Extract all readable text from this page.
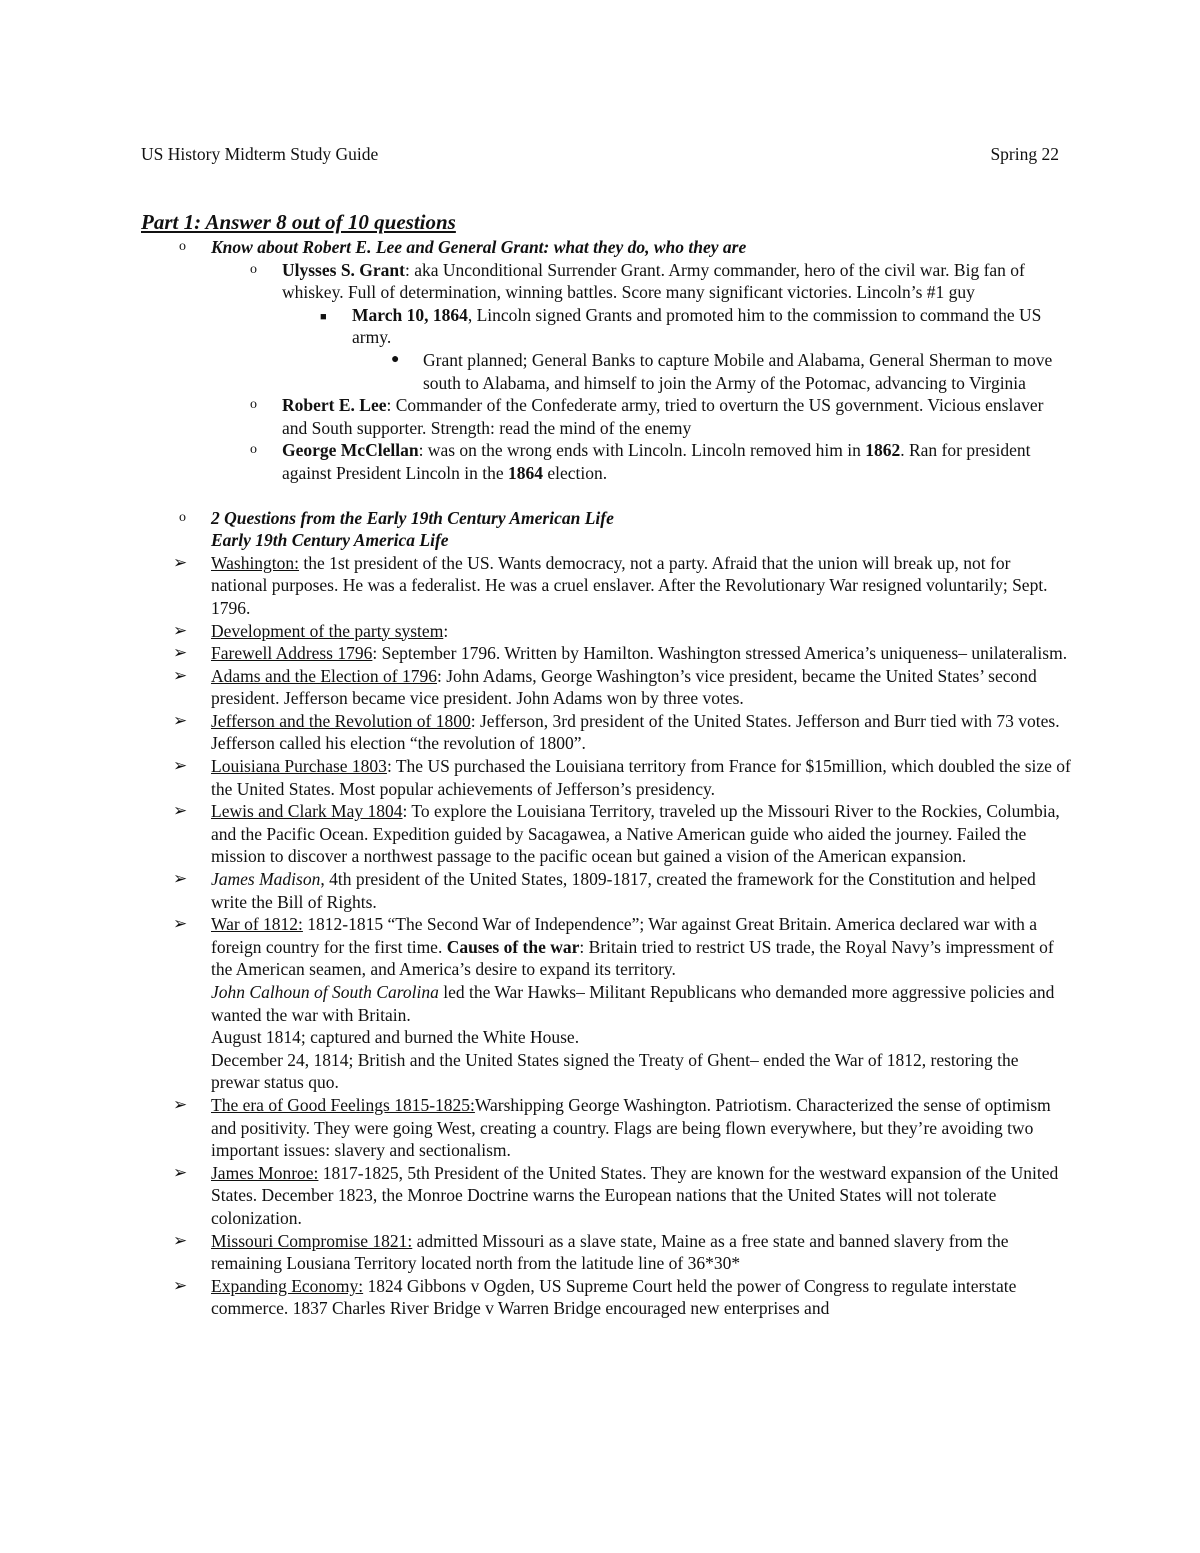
US History Midterm Study Guide	Spring 22
Part 1: Answer 8 out of 10 questions
o	Know about Robert E. Lee and General Grant: what they do, who they are
o	Ulysses S. Grant: aka Unconditional Surrender Grant. Army commander, hero of the civil war. Big fan of whiskey. Full of determination, winning battles. Score many significant victories. Lincoln’s #1 guy
■	March 10, 1864, Lincoln signed Grants and promoted him to the commission to command the US army.
●	Grant planned; General Banks to capture Mobile and Alabama, General Sherman to move south to Alabama, and himself to join the Army of the Potomac, advancing to Virginia
o	Robert E. Lee: Commander of the Confederate army, tried to overturn the US government. Vicious enslaver and South supporter. Strength: read the mind of the enemy
o	George McClellan: was on the wrong ends with Lincoln. Lincoln removed him in 1862. Ran for president against President Lincoln in the 1864 election.
o	2 Questions from the Early 19th Century American Life
Early 19th Century America Life
➢	Washington: the 1st president of the US. Wants democracy, not a party. Afraid that the union will break up, not for national purposes. He was a federalist. He was a cruel enslaver. After the Revolutionary War resigned voluntarily; Sept. 1796.
➢	Development of the party system:
➢	Farewell Address 1796: September 1796. Written by Hamilton. Washington stressed America’s uniqueness– unilateralism.
➢	Adams and the Election of 1796: John Adams, George Washington’s vice president, became the United States’ second president. Jefferson became vice president. John Adams won by three votes.
➢	Jefferson and the Revolution of 1800: Jefferson, 3rd president of the United States. Jefferson and Burr tied with 73 votes. Jefferson called his election “the revolution of 1800”.
➢	Louisiana Purchase 1803: The US purchased the Louisiana territory from France for $15million, which doubled the size of the United States. Most popular achievements of Jefferson’s presidency.
➢	Lewis and Clark May 1804: To explore the Louisiana Territory, traveled up the Missouri River to the Rockies, Columbia, and the Pacific Ocean. Expedition guided by Sacagawea, a Native American guide who aided the journey. Failed the mission to discover a northwest passage to the pacific ocean but gained a vision of the American expansion.
➢	James Madison, 4th president of the United States, 1809-1817, created the framework for the Constitution and helped write the Bill of Rights.
➢	War of 1812: 1812-1815 “The Second War of Independence”; War against Great Britain. America declared war with a foreign country for the first time. Causes of the war: Britain tried to restrict US trade, the Royal Navy’s impressment of the American seamen, and America’s desire to expand its territory.
John Calhoun of South Carolina led the War Hawks– Militant Republicans who demanded more aggressive policies and wanted the war with Britain.
August 1814; captured and burned the White House.
December 24, 1814; British and the United States signed the Treaty of Ghent– ended the War of 1812, restoring the prewar status quo.
➢	The era of Good Feelings 1815-1825:Warshipping George Washington. Patriotism. Characterized the sense of optimism and positivity. They were going West, creating a country. Flags are being flown everywhere, but they’re avoiding two important issues: slavery and sectionalism.
➢	James Monroe: 1817-1825, 5th President of the United States. They are known for the westward expansion of the United States. December 1823, the Monroe Doctrine warns the European nations that the United States will not tolerate colonization.
➢	Missouri Compromise 1821: admitted Missouri as a slave state, Maine as a free state and banned slavery from the remaining Lousiana Territory located north from the latitude line of 36*30*
➢	Expanding Economy: 1824 Gibbons v Ogden, US Supreme Court held the power of Congress to regulate interstate commerce. 1837 Charles River Bridge v Warren Bridge encouraged new enterprises and
